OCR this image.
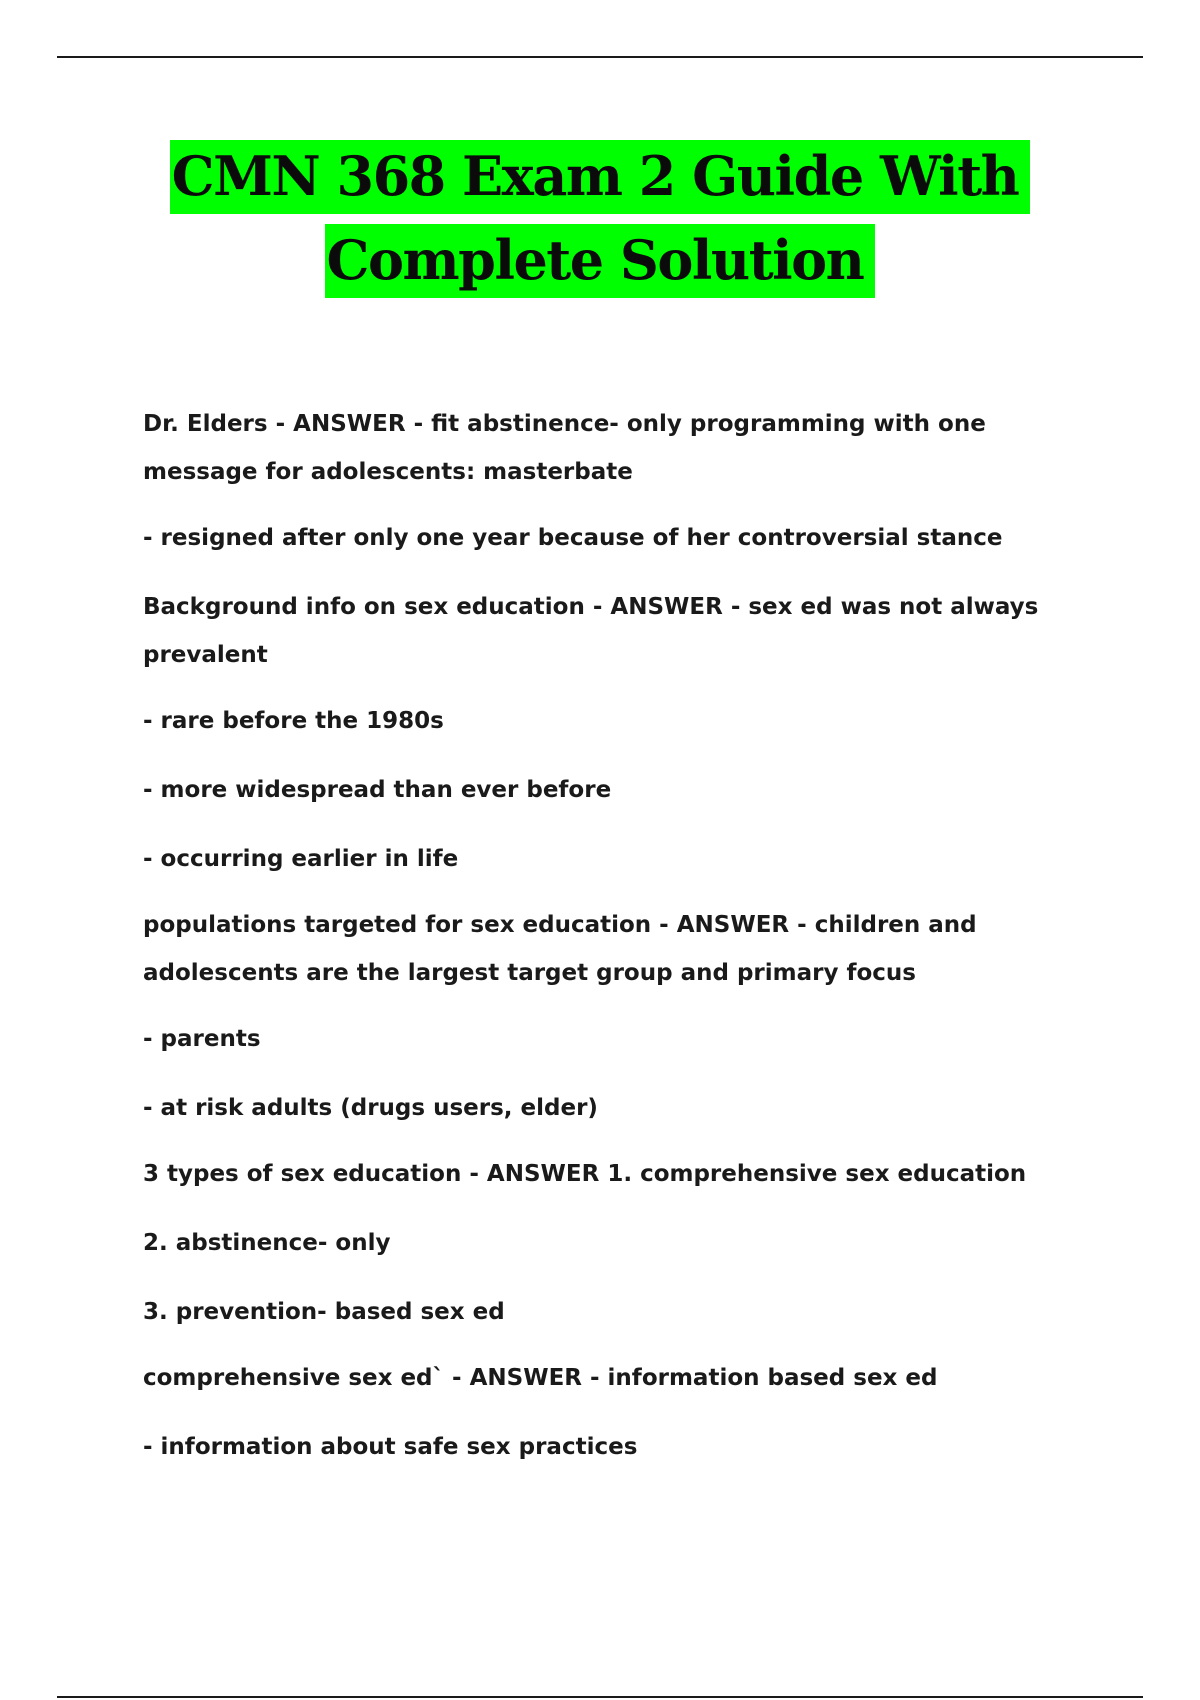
CMN 368 Exam 2 Guide With
Complete Solution

Dr. Elders - ANSWER - fit abstinence- only programming with one message for adolescents: masterbate

- resigned after only one year because of her controversial stance

Background info on sex education - ANSWER - sex ed was not always prevalent

- rare before the 1980s

- more widespread than ever before

- occurring earlier in life

populations targeted for sex education - ANSWER - children and adolescents are the largest target group and primary focus

- parents

- at risk adults (drugs users, elder)

3 types of sex education - ANSWER 1. comprehensive sex education

2. abstinence- only

3. prevention- based sex ed

comprehensive sex ed` - ANSWER - information based sex ed

- information about safe sex practices
